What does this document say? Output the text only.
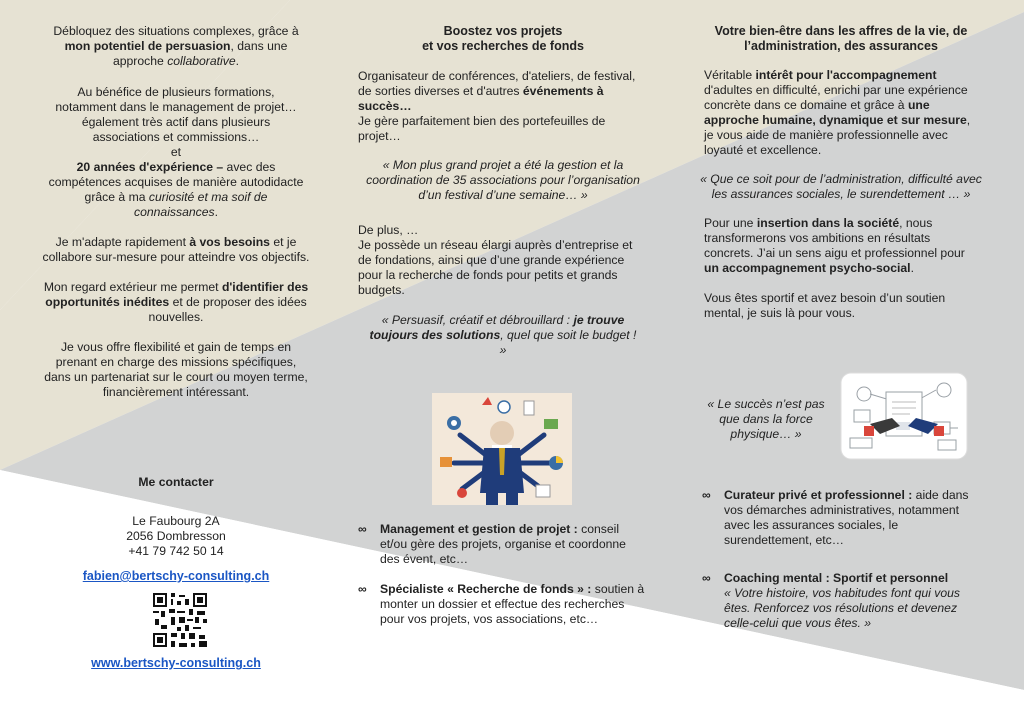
Débloquez des situations complexes, grâce à mon potentiel de persuasion, dans une approche collaborative.

Au bénéfice de plusieurs formations, notamment dans le management de projet… également très actif dans plusieurs associations et commissions…

et

20 années d'expérience – avec des compétences acquises de manière autodidacte grâce à ma curiosité et ma soif de connaissances.

Je m'adapte rapidement à vos besoins et je collabore sur-mesure pour atteindre vos objectifs.

Mon regard extérieur me permet d'identifier des opportunités inédites et de proposer des idées nouvelles.

Je vous offre flexibilité et gain de temps en prenant en charge des missions spécifiques, dans un partenariat sur le court ou moyen terme, financièrement intéressant.

Me contacter

Le Faubourg 2A

2056 Dombresson

+41 79 742 50 14

fabien@bertschy-consulting.ch

www.bertschy-consulting.ch

Boostez vos projets

et vos recherches de fonds

Organisateur de conférences, d'ateliers, de festival, de sorties diverses et d'autres événements à succès…

Je gère parfaitement bien des portefeuilles de projet…

« Mon plus grand projet a été la gestion et la coordination de 35 associations pour l’organisation d’un festival d’une semaine… »

De plus, …

Je possède un réseau élargi auprès d’entreprise et de fondations, ainsi que d’une grande expérience pour la recherche de fonds pour petits et grands budgets.

« Persuasif, créatif et débrouillard : je trouve toujours des solutions, quel que soit le budget ! »

∞ Management et gestion de projet : conseil et/ou gère des projets, organise et coordonne des évent, etc…
∞ Spécialiste « Recherche de fonds » : soutien à monter un dossier et effectue des recherches pour vos projets, vos associations, etc…

Votre bien-être dans les affres de la vie, de

l’administration, des assurances

Véritable intérêt pour l'accompagnement d'adultes en difficulté, enrichi par une expérience concrète dans ce domaine et grâce à une approche humaine, dynamique et sur mesure, je vous aide de manière professionnelle avec loyauté et excellence.

« Que ce soit pour de l’administration, difficulté avec les assurances sociales, le surendettement … »

Pour une insertion dans la société, nous transformerons vos ambitions en résultats concrets. J’ai un sens aigu et professionnel pour un accompagnement psycho-social.

Vous êtes sportif et avez besoin d’un soutien mental, je suis là pour vous.

« Le succès n’est pas que dans la force physique… »

∞ Curateur privé et professionnel : aide dans vos démarches administratives, notamment avec les assurances sociales, le surendettement, etc…
∞ Coaching mental : Sportif et personnel
« Votre histoire, vos habitudes font qui vous êtes. Renforcez vos résolutions et devenez celle-celui que vous êtes. »
